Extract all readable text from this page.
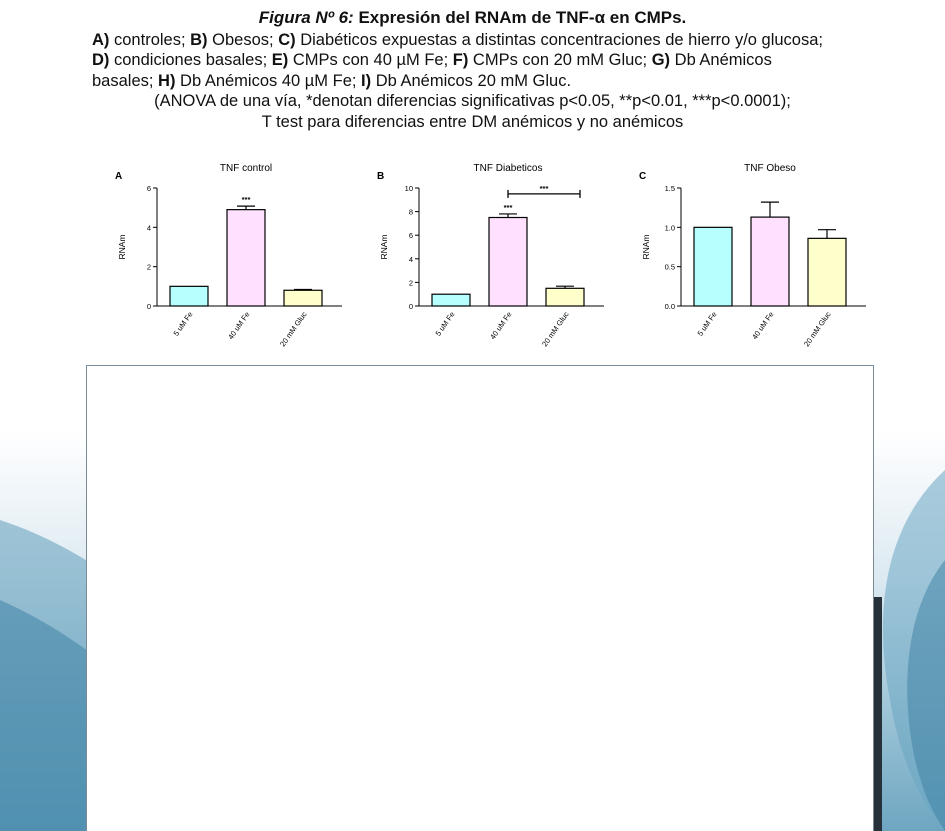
Figura Nº 6: Expresión del RNAm de TNF-α en CMPs.
A) controles; B) Obesos; C) Diabéticos expuestas a distintas concentraciones de hierro y/o glucosa;
D) condiciones basales; E) CMPs con 40 µM Fe; F) CMPs con 20 mM Gluc; G) Db Anémicos
basales; H) Db Anémicos 40 µM Fe; I) Db Anémicos 20 mM Gluc.
(ANOVA de una vía, *denotan diferencias significativas p<0.05, **p<0.01, ***p<0.0001);
T test para diferencias entre DM anémicos y no anémicos
A
TNF control
RNAm
0
2
4
6
5 uM Fe	40 uM Fe	20 mM Gluc
***
B
TNF Diabeticos
RNAm
0
2
4
6
8
10
5 uM Fe	40 uM Fe	20 mM Gluc
***
***
C
TNF Obeso
RNAm
0.0
0.5
1.0
1.5
5 uM Fe	40 uM Fe	20 mM Gluc
